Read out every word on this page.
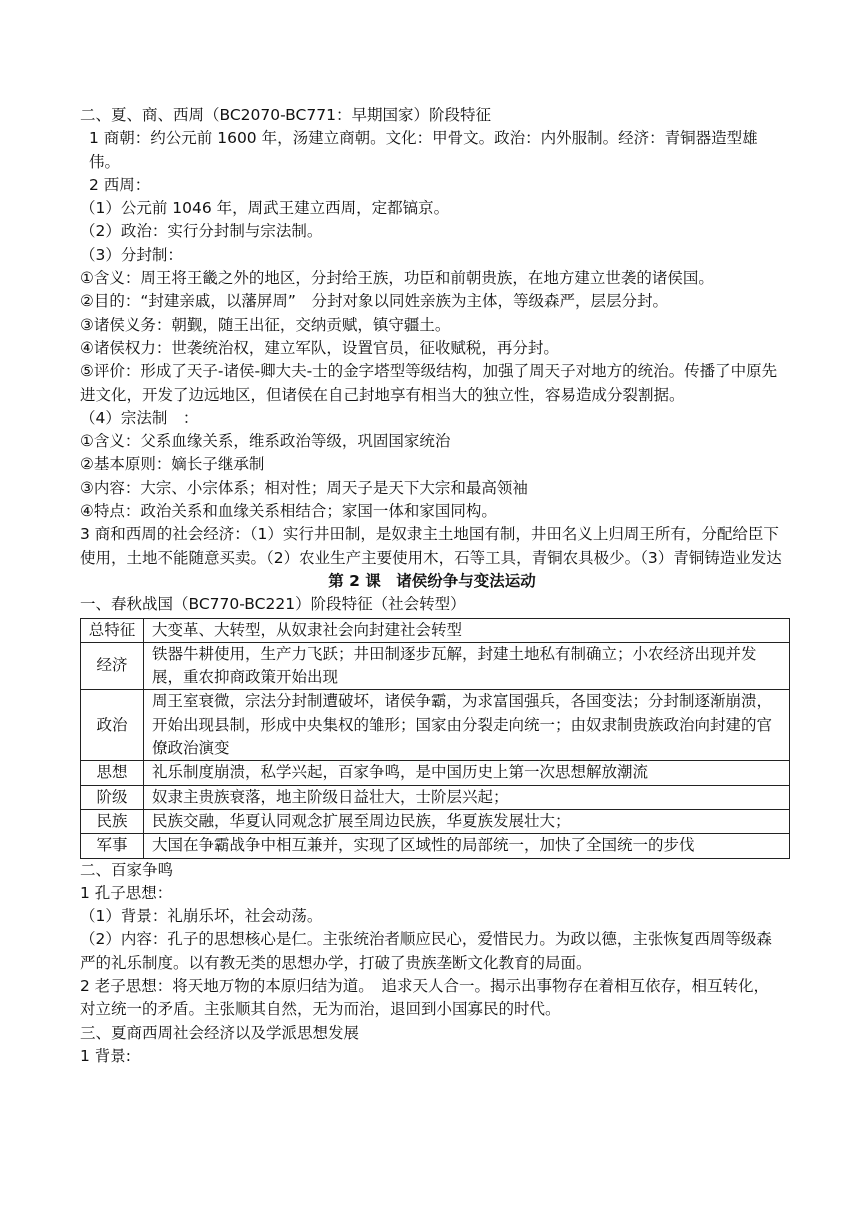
二、夏、商、西周（BC2070-BC771：早期国家）阶段特征

1 商朝：约公元前 1600 年，汤建立商朝。文化：甲骨文。政治：内外服制。经济：青铜器造型雄伟。

2 西周：

（1）公元前 1046 年，周武王建立西周，定都镐京。

（2）政治：实行分封制与宗法制。

（3）分封制：

①含义：周王将王畿之外的地区，分封给王族，功臣和前朝贵族，在地方建立世袭的诸侯国。

②目的：“封建亲戚，以藩屏周”　分封对象以同姓亲族为主体，等级森严，层层分封。

③诸侯义务：朝觐，随王出征，交纳贡赋，镇守疆土。

④诸侯权力：世袭统治权，建立军队，设置官员，征收赋税，再分封。

⑤评价：形成了天子-诸侯-卿大夫-士的金字塔型等级结构，加强了周天子对地方的统治。传播了中原先进文化，开发了边远地区，但诸侯在自己封地享有相当大的独立性，容易造成分裂割据。

（4）宗法制　：

①含义：父系血缘关系，维系政治等级，巩固国家统治

②基本原则：嫡长子继承制

③内容：大宗、小宗体系；相对性；周天子是天下大宗和最高领袖

④特点：政治关系和血缘关系相结合；家国一体和家国同构。

3 商和西周的社会经济：（1）实行井田制，是奴隶主土地国有制，井田名义上归周王所有，分配给臣下使用，土地不能随意买卖。（2）农业生产主要使用木，石等工具，青铜农具极少。（3）青铜铸造业发达

第 2 课　诸侯纷争与变法运动

一、春秋战国（BC770-BC221）阶段特征（社会转型）

总特征	大变革、大转型，从奴隶社会向封建社会转型
经济	铁器牛耕使用，生产力飞跃；井田制逐步瓦解，封建土地私有制确立；小农经济出现并发展，重农抑商政策开始出现
政治	周王室衰微，宗法分封制遭破坏，诸侯争霸，为求富国强兵，各国变法；分封制逐渐崩溃，开始出现县制，形成中央集权的雏形；国家由分裂走向统一；由奴隶制贵族政治向封建的官僚政治演变
思想	礼乐制度崩溃，私学兴起，百家争鸣，是中国历史上第一次思想解放潮流
阶级	奴隶主贵族衰落，地主阶级日益壮大，士阶层兴起；
民族	民族交融，华夏认同观念扩展至周边民族，华夏族发展壮大；
军事	大国在争霸战争中相互兼并，实现了区域性的局部统一，加快了全国统一的步伐

二、百家争鸣

1 孔子思想：

（1）背景：礼崩乐坏，社会动荡。

（2）内容：孔子的思想核心是仁。主张统治者顺应民心，爱惜民力。为政以德，主张恢复西周等级森严的礼乐制度。以有教无类的思想办学，打破了贵族垄断文化教育的局面。

2 老子思想：将天地万物的本原归结为道。　追求天人合一。揭示出事物存在着相互依存，相互转化，对立统一的矛盾。主张顺其自然，无为而治，退回到小国寡民的时代。

三、夏商西周社会经济以及学派思想发展

1 背景:
